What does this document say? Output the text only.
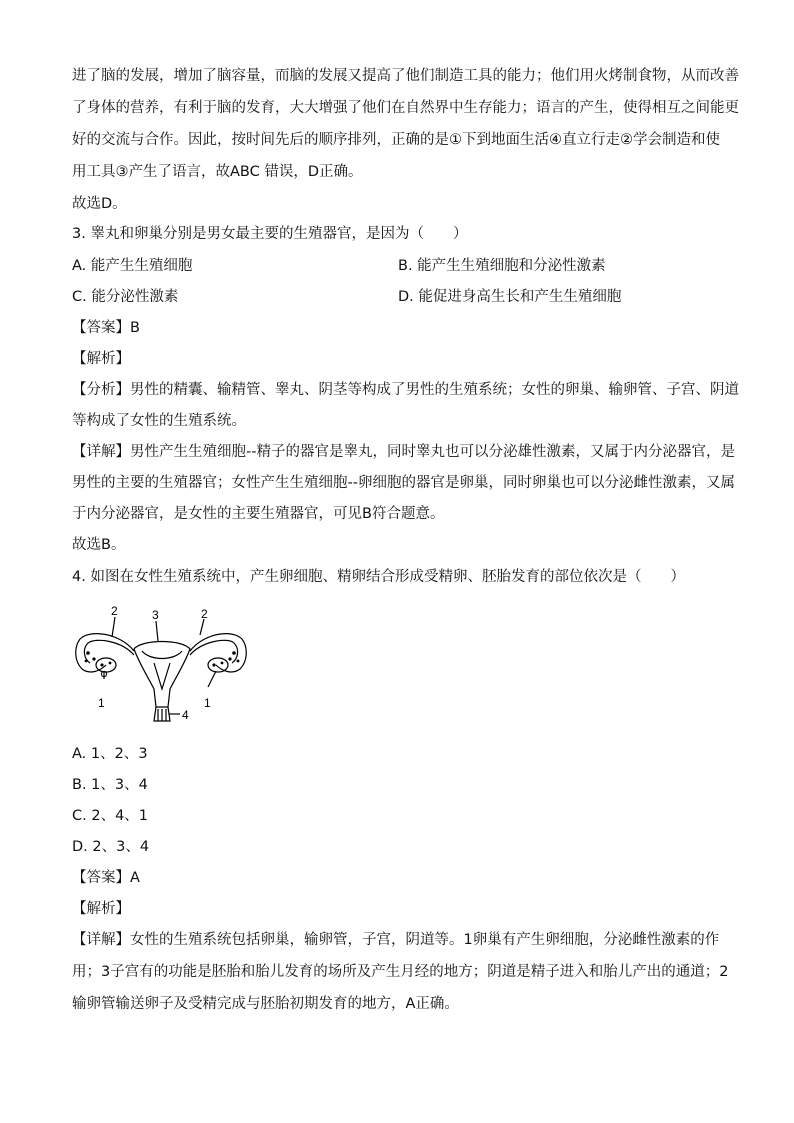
进了脑的发展，增加了脑容量，而脑的发展又提高了他们制造工具的能力；他们用火烤制食物，从而改善
了身体的营养，有利于脑的发育，大大增强了他们在自然界中生存能力；语言的产生，使得相互之间能更
好的交流与合作。因此，按时间先后的顺序排列，正确的是①下到地面生活④直立行走②学会制造和使
用工具③产生了语言，故ABC 错误，D正确。
故选D。
3. 睾丸和卵巢分别是男女最主要的生殖器官，是因为（　　）
A. 能产生生殖细胞	B. 能产生生殖细胞和分泌性激素
C. 能分泌性激素	D. 能促进身高生长和产生生殖细胞
【答案】B
【解析】
【分析】男性的精囊、输精管、睾丸、阴茎等构成了男性的生殖系统；女性的卵巢、输卵管、子宫、阴道
等构成了女性的生殖系统。
【详解】男性产生生殖细胞--精子的器官是睾丸，同时睾丸也可以分泌雄性激素，又属于内分泌器官，是
男性的主要的生殖器官；女性产生生殖细胞--卵细胞的器官是卵巢，同时卵巢也可以分泌雌性激素，又属
于内分泌器官，是女性的主要生殖器官，可见B符合题意。
故选B。
4. 如图在女性生殖系统中，产生卵细胞、精卵结合形成受精卵、胚胎发育的部位依次是（　　）
2	3	2
1
4
1
A. 1、2、3
B. 1、3、4
C. 2、4、1
D. 2、3、4
【答案】A
【解析】
【详解】女性的生殖系统包括卵巢，输卵管，子宫，阴道等。1卵巢有产生卵细胞，分泌雌性激素的作
用；3子宫有的功能是胚胎和胎儿发育的场所及产生月经的地方；阴道是精子进入和胎儿产出的通道；2
输卵管输送卵子及受精完成与胚胎初期发育的地方，A正确。
